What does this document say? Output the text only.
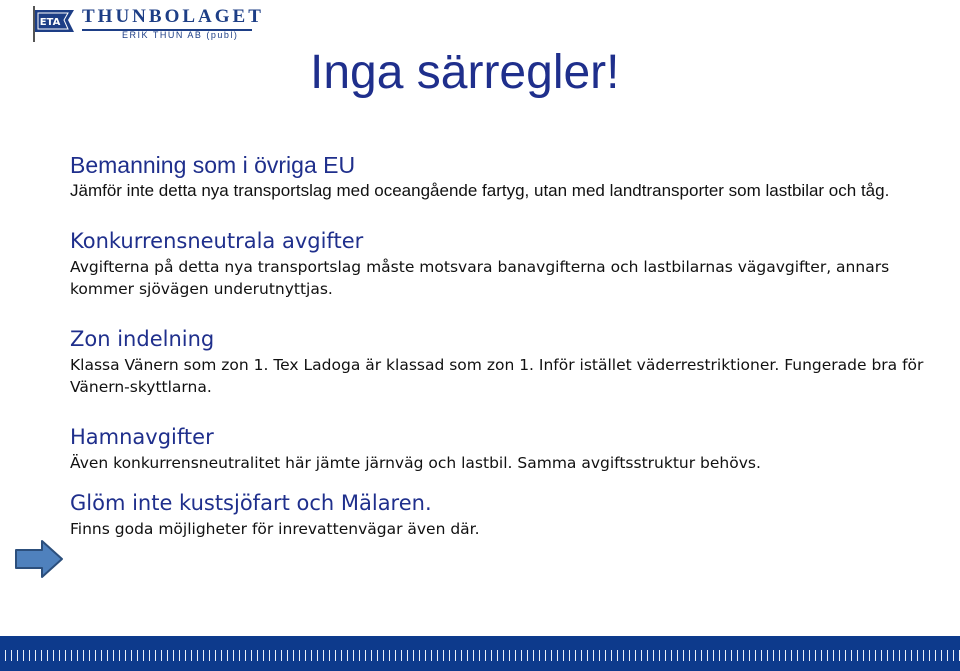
ETA THUNBOLAGET
ERIK THUN AB (publ)
Inga särregler!
Bemanning som i övriga EU

Jämför inte detta nya transportslag med oceangående fartyg, utan med landtransporter som lastbilar och tåg.

Konkurrensneutrala avgifter

Avgifterna på detta nya transportslag måste motsvara banavgifterna och lastbilarnas vägavgifter, annars kommer sjövägen underutnyttjas.

Zon indelning

Klassa Vänern som zon 1. Tex Ladoga är klassad som zon 1. Inför istället väderrestriktioner. Fungerade bra för Vänern-skyttlarna.

Hamnavgifter

Även konkurrensneutralitet här jämte järnväg och lastbil. Samma avgiftsstruktur behövs.

Glöm inte kustsjöfart och Mälaren.

Finns goda möjligheter för inrevattenvägar även där.
